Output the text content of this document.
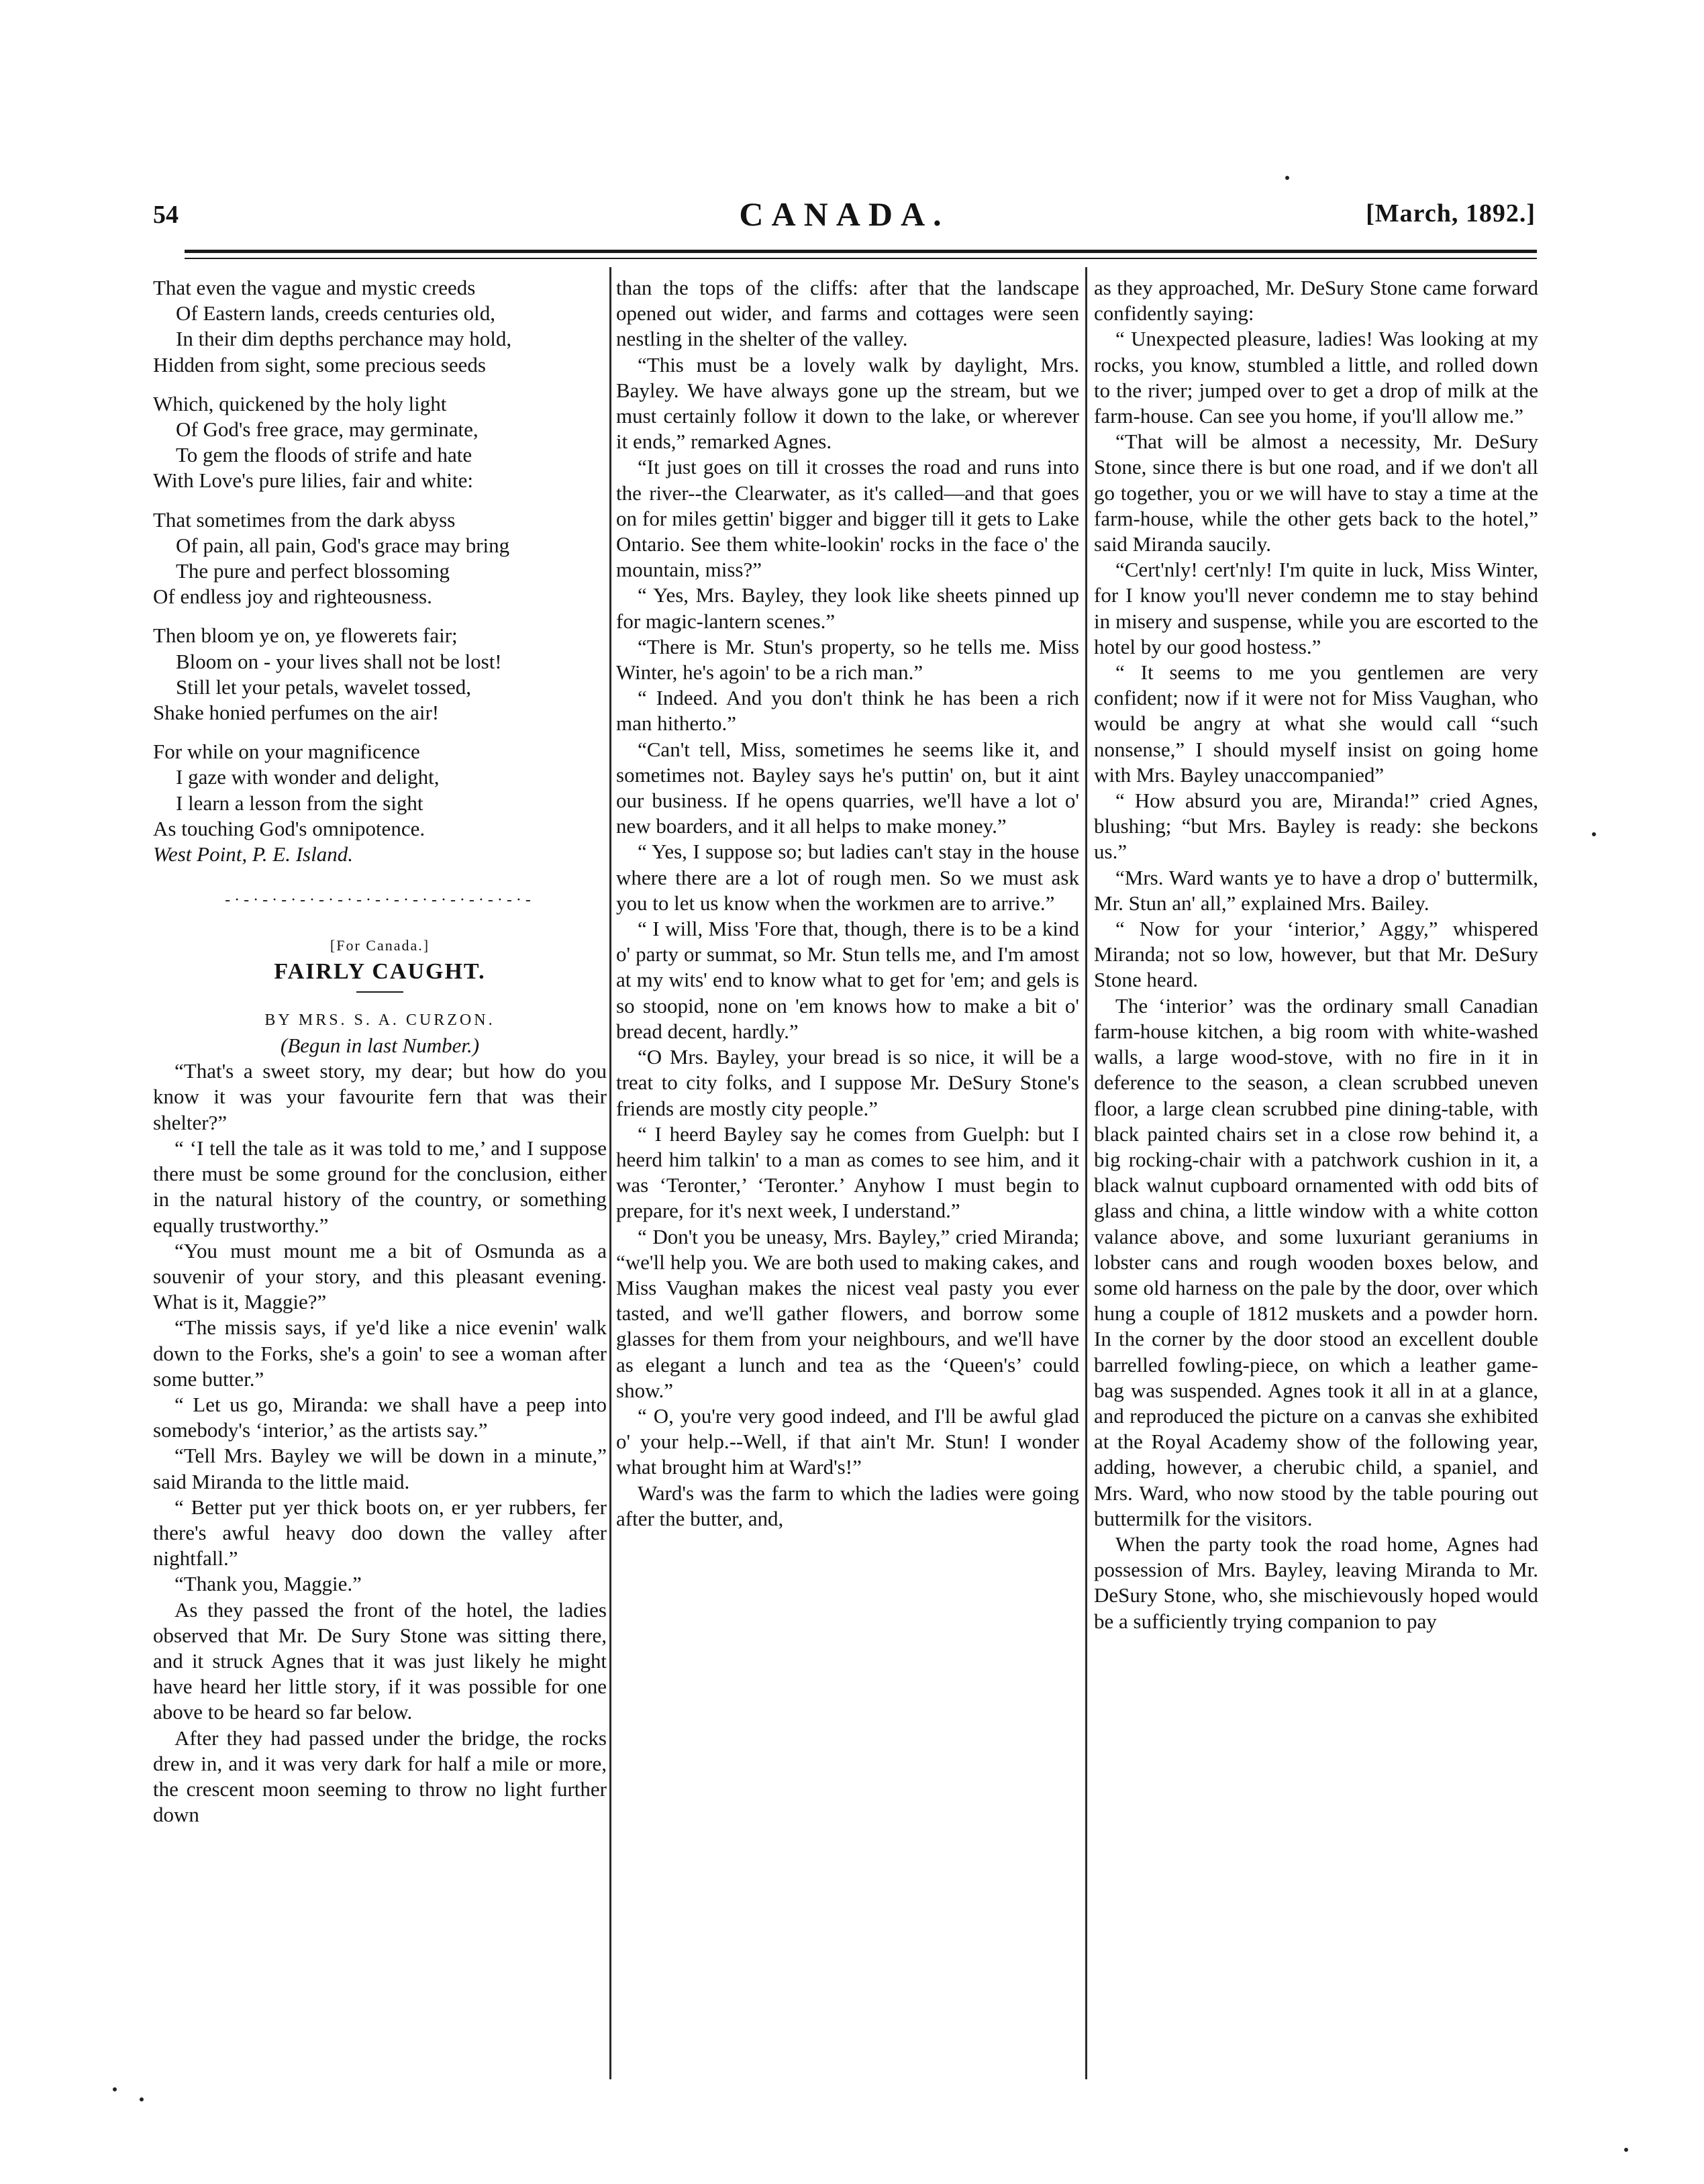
54	CANADA.	[March, 1892.]
That even the vague and mystic creeds
Of Eastern lands, creeds centuries old,
In their dim depths perchance may hold,
Hidden from sight, some precious seeds
Which, quickened by the holy light
Of God's free grace, may germinate,
To gem the floods of strife and hate
With Love's pure lilies, fair and white:
That sometimes from the dark abyss
Of pain, all pain, God's grace may bring
The pure and perfect blossoming
Of endless joy and righteousness.
Then bloom ye on, ye flowerets fair;
Bloom on - your lives shall not be lost!
Still let your petals, wavelet tossed,
Shake honied perfumes on the air!
For while on your magnificence
I gaze with wonder and delight,
I learn a lesson from the sight
As touching God's omnipotence.
West Point, P. E. Island.
-·-·-·-·-·-·-·-·-·-·-·-·-·-·-·-·-

[For Canada.]

FAIRLY CAUGHT.

BY MRS. S. A. CURZON.

(Begun in last Number.)

“That's a sweet story, my dear; but how do you know it was your favourite fern that was their shelter?”

“ ‘I tell the tale as it was told to me,’ and I suppose there must be some ground for the conclusion, either in the natural history of the country, or something equally trustworthy.”

“You must mount me a bit of Osmunda as a souvenir of your story, and this pleasant evening. What is it, Maggie?”

“The missis says, if ye'd like a nice evenin' walk down to the Forks, she's a goin' to see a woman after some butter.”

“ Let us go, Miranda: we shall have a peep into somebody's ‘interior,’ as the artists say.”

“Tell Mrs. Bayley we will be down in a minute,” said Miranda to the little maid.

“ Better put yer thick boots on, er yer rubbers, fer there's awful heavy doo down the valley after nightfall.”

“Thank you, Maggie.”

As they passed the front of the hotel, the ladies observed that Mr. De Sury Stone was sitting there, and it struck Agnes that it was just likely he might have heard her little story, if it was possible for one above to be heard so far below.

After they had passed under the bridge, the rocks drew in, and it was very dark for half a mile or more, the crescent moon seeming to throw no light further down

than the tops of the cliffs: after that the landscape opened out wider, and farms and cottages were seen nestling in the shelter of the valley.

“This must be a lovely walk by daylight, Mrs. Bayley. We have always gone up the stream, but we must certainly follow it down to the lake, or wherever it ends,” remarked Agnes.

“It just goes on till it crosses the road and runs into the river--the Clearwater, as it's called—and that goes on for miles gettin' bigger and bigger till it gets to Lake Ontario. See them white-lookin' rocks in the face o' the mountain, miss?”

“ Yes, Mrs. Bayley, they look like sheets pinned up for magic-lantern scenes.”

“There is Mr. Stun's property, so he tells me. Miss Winter, he's agoin' to be a rich man.”

“ Indeed. And you don't think he has been a rich man hitherto.”

“Can't tell, Miss, sometimes he seems like it, and sometimes not. Bayley says he's puttin' on, but it aint our business. If he opens quarries, we'll have a lot o' new boarders, and it all helps to make money.”

“ Yes, I suppose so; but ladies can't stay in the house where there are a lot of rough men. So we must ask you to let us know when the workmen are to arrive.”

“ I will, Miss 'Fore that, though, there is to be a kind o' party or summat, so Mr. Stun tells me, and I'm amost at my wits' end to know what to get for 'em; and gels is so stoopid, none on 'em knows how to make a bit o' bread decent, hardly.”

“O Mrs. Bayley, your bread is so nice, it will be a treat to city folks, and I suppose Mr. DeSury Stone's friends are mostly city people.”

“ I heerd Bayley say he comes from Guelph: but I heerd him talkin' to a man as comes to see him, and it was ‘Teronter,’ ‘Teronter.’ Anyhow I must begin to prepare, for it's next week, I understand.”

“ Don't you be uneasy, Mrs. Bayley,” cried Miranda; “we'll help you. We are both used to making cakes, and Miss Vaughan makes the nicest veal pasty you ever tasted, and we'll gather flowers, and borrow some glasses for them from your neighbours, and we'll have as elegant a lunch and tea as the ‘Queen's’ could show.”

“ O, you're very good indeed, and I'll be awful glad o' your help.--Well, if that ain't Mr. Stun! I wonder what brought him at Ward's!”

Ward's was the farm to which the ladies were going after the butter, and,

as they approached, Mr. DeSury Stone came forward confidently saying:

“ Unexpected pleasure, ladies! Was looking at my rocks, you know, stumbled a little, and rolled down to the river; jumped over to get a drop of milk at the farm-house. Can see you home, if you'll allow me.”

“That will be almost a necessity, Mr. DeSury Stone, since there is but one road, and if we don't all go together, you or we will have to stay a time at the farm-house, while the other gets back to the hotel,” said Miranda saucily.

“Cert'nly! cert'nly! I'm quite in luck, Miss Winter, for I know you'll never condemn me to stay behind in misery and suspense, while you are escorted to the hotel by our good hostess.”

“ It seems to me you gentlemen are very confident; now if it were not for Miss Vaughan, who would be angry at what she would call “such nonsense,” I should myself insist on going home with Mrs. Bayley unaccompanied”

“ How absurd you are, Miranda!” cried Agnes, blushing; “but Mrs. Bayley is ready: she beckons us.”

“Mrs. Ward wants ye to have a drop o' buttermilk, Mr. Stun an' all,” explained Mrs. Bailey.

“ Now for your ‘interior,’ Aggy,” whispered Miranda; not so low, however, but that Mr. DeSury Stone heard.

The ‘interior’ was the ordinary small Canadian farm-house kitchen, a big room with white-washed walls, a large wood-stove, with no fire in it in deference to the season, a clean scrubbed uneven floor, a large clean scrubbed pine dining-table, with black painted chairs set in a close row behind it, a big rocking-chair with a patchwork cushion in it, a black walnut cupboard ornamented with odd bits of glass and china, a little window with a white cotton valance above, and some luxuriant geraniums in lobster cans and rough wooden boxes below, and some old harness on the pale by the door, over which hung a couple of 1812 muskets and a powder horn. In the corner by the door stood an excellent double barrelled fowling-piece, on which a leather game-bag was suspended. Agnes took it all in at a glance, and reproduced the picture on a canvas she exhibited at the Royal Academy show of the following year, adding, however, a cherubic child, a spaniel, and Mrs. Ward, who now stood by the table pouring out buttermilk for the visitors.

When the party took the road home, Agnes had possession of Mrs. Bayley, leaving Miranda to Mr. DeSury Stone, who, she mischievously hoped would be a sufficiently trying companion to pay
